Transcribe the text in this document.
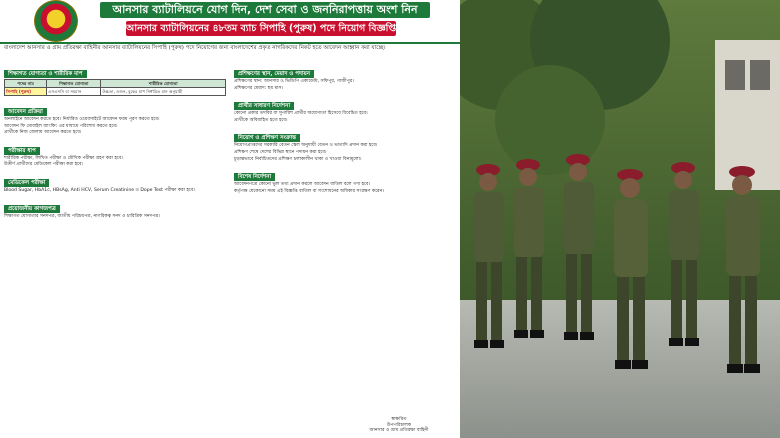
আনসার ব্যাটালিয়নে যোগ দিন, দেশ সেবা ও জননিরাপত্তায় অংশ নিন
আনসার ব্যাটালিয়নের ৪৮তম ব্যাচ সিপাহি (পুরুষ) পদে নিয়োগ বিজ্ঞপ্তি
বাংলাদেশ আনসার ও গ্রাম প্রতিরক্ষা বাহিনীর আনসার ব্যাটালিয়নের সিপাহি (পুরুষ) পদে নিয়োগের জন্য বাংলাদেশের প্রকৃত নাগরিকদের নিকট হতে আবেদন আহ্বান করা যাচ্ছে।
শিক্ষাগত যোগ্যতা ও শারীরিক মাপ
পদের নাম	শিক্ষাগত যোগ্যতা	শারীরিক যোগ্যতা
সিপাহি (পুরুষ)	এসএসসি বা সমমান	উচ্চতা, ওজন, বুকের মাপ নির্ধারিত মান অনুযায়ী
আবেদন প্রক্রিয়া

অনলাইনে আবেদন করতে হবে। নির্ধারিত ওয়েবসাইটে আবেদন ফরম পূরণ করতে হবে।

আবেদন ফি মোবাইল ব্যাংকিং এর মাধ্যমে পরিশোধ করতে হবে।

প্রার্থীকে নিজ জেলায় আবেদন করতে হবে।

পরীক্ষার ধাপ

শারীরিক পরীক্ষা, লিখিত পরীক্ষা ও মৌখিক পরীক্ষা গ্রহণ করা হবে।

উত্তীর্ণ প্রার্থীদের মেডিকেল পরীক্ষা করা হবে।

মেডিকেল পরীক্ষা

Blood Sugar, HbA1c, HBsAg, Anti HCV, Serum Creatinine ও Dope Test পরীক্ষা করা হবে।

প্রয়োজনীয় কাগজপত্র

শিক্ষাগত যোগ্যতার সনদপত্র, জাতীয় পরিচয়পত্র, নাগরিকত্ব সনদ ও চারিত্রিক সনদপত্র।

প্রশিক্ষণের স্থান, মেয়াদ ও পদায়ন

প্রশিক্ষণের স্থান: আনসার ও ভিডিপি একাডেমি, সফিপুর, গাজীপুর।

প্রশিক্ষণের মেয়াদ: ছয় মাস।

প্রার্থীর সাধারণ নির্দেশনা

কোনো প্রকার তদবির বা সুপারিশ প্রার্থীর অযোগ্যতা হিসেবে বিবেচিত হবে।

প্রার্থীকে অবিবাহিত হতে হবে।

নিয়োগ ও প্রশিক্ষণ সংক্রান্ত

নিয়োগপ্রাপ্তদের সরকারি বেতন স্কেল অনুযায়ী বেতন ও ভাতাদি প্রদান করা হবে।

প্রশিক্ষণ শেষে দেশের বিভিন্ন স্থানে পদায়ন করা হবে।

চূড়ান্তভাবে নির্বাচিতদের প্রশিক্ষণ চলাকালীন থাকা ও খাওয়া বিনামূল্যে।

বিশেষ নির্দেশনা

আবেদনপত্রে কোনো ভুল তথ্য প্রদান করলে আবেদন বাতিল বলে গণ্য হবে।

কর্তৃপক্ষ যেকোনো সময় এই বিজ্ঞপ্তি বাতিল বা সংশোধনের অধিকার সংরক্ষণ করেন।

স্বাক্ষরিত
উপপরিচালক
আনসার ও গ্রাম প্রতিরক্ষা বাহিনী
